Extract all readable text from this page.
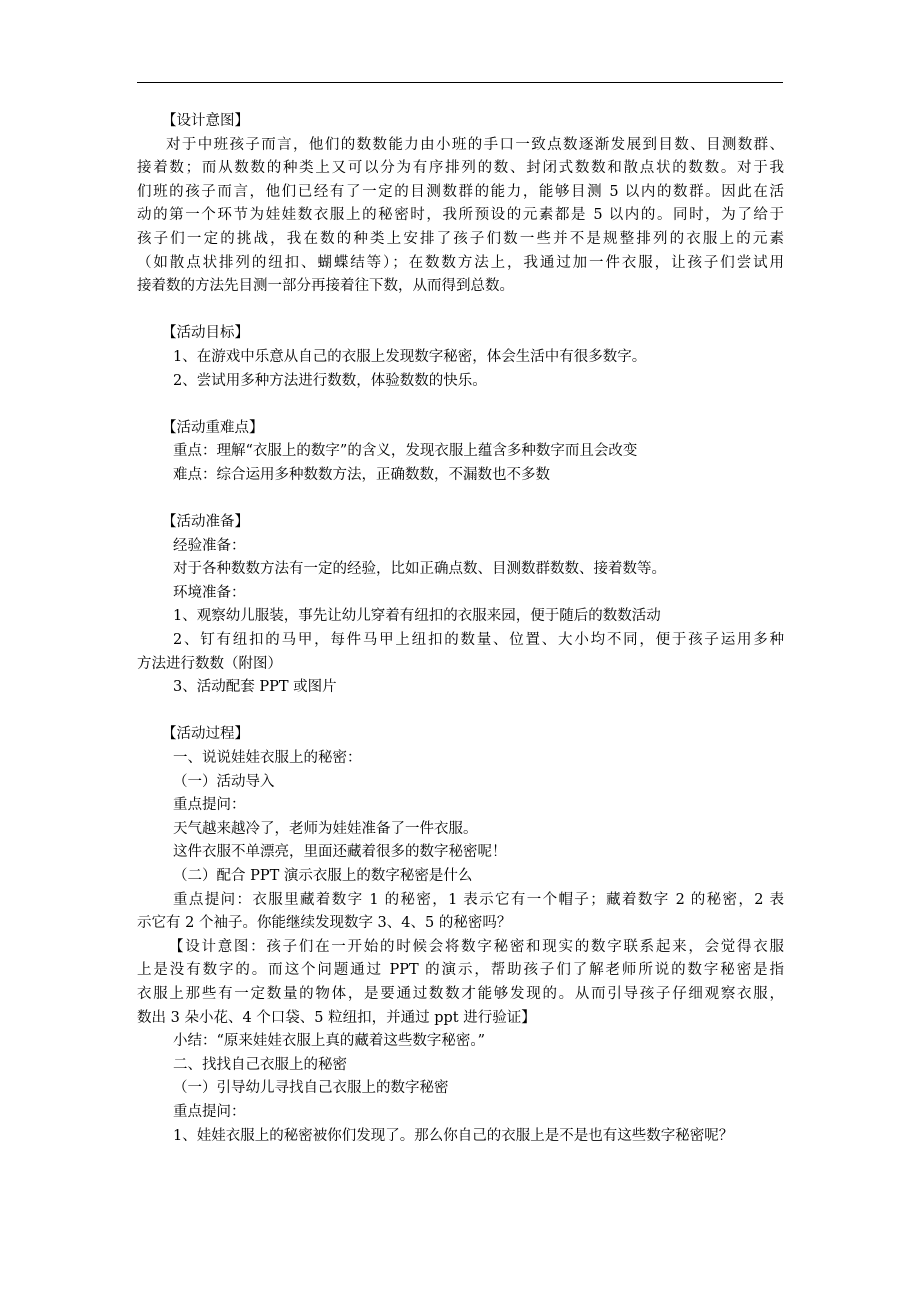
【设计意图】

对于中班孩子而言，他们的数数能力由小班的手口一致点数逐渐发展到目数、目测数群、

接着数；而从数数的种类上又可以分为有序排列的数、封闭式数数和散点状的数数。对于我

们班的孩子而言，他们已经有了一定的目测数群的能力，能够目测 5 以内的数群。因此在活

动的第一个环节为娃娃数衣服上的秘密时，我所预设的元素都是 5 以内的。同时，为了给于

孩子们一定的挑战，我在数的种类上安排了孩子们数一些并不是规整排列的衣服上的元素

（如散点状排列的纽扣、蝴蝶结等）；在数数方法上，我通过加一件衣服，让孩子们尝试用

接着数的方法先目测一部分再接着往下数，从而得到总数。

【活动目标】

1、在游戏中乐意从自己的衣服上发现数字秘密，体会生活中有很多数字。

2、尝试用多种方法进行数数，体验数数的快乐。

【活动重难点】

重点：理解“衣服上的数字”的含义，发现衣服上蕴含多种数字而且会改变

难点：综合运用多种数数方法，正确数数，不漏数也不多数

【活动准备】

经验准备：

对于各种数数方法有一定的经验，比如正确点数、目测数群数数、接着数等。

环境准备：

1、观察幼儿服装，事先让幼儿穿着有纽扣的衣服来园，便于随后的数数活动

2、钉有纽扣的马甲，每件马甲上纽扣的数量、位置、大小均不同，便于孩子运用多种

方法进行数数（附图）

3、活动配套 PPT 或图片

【活动过程】

一、说说娃娃衣服上的秘密：

（一）活动导入

重点提问：

天气越来越冷了，老师为娃娃准备了一件衣服。

这件衣服不单漂亮，里面还藏着很多的数字秘密呢！

（二）配合 PPT 演示衣服上的数字秘密是什么

重点提问：衣服里藏着数字 1 的秘密，1 表示它有一个帽子；藏着数字 2 的秘密，2 表

示它有 2 个袖子。你能继续发现数字 3、4、5 的秘密吗？

【设计意图：孩子们在一开始的时候会将数字秘密和现实的数字联系起来，会觉得衣服

上是没有数字的。而这个问题通过 PPT 的演示，帮助孩子们了解老师所说的数字秘密是指

衣服上那些有一定数量的物体，是要通过数数才能够发现的。从而引导孩子仔细观察衣服，

数出 3 朵小花、4 个口袋、5 粒纽扣，并通过 ppt 进行验证】

小结：“原来娃娃衣服上真的藏着这些数字秘密。”

二、找找自己衣服上的秘密

（一）引导幼儿寻找自己衣服上的数字秘密

重点提问：

1、娃娃衣服上的秘密被你们发现了。那么你自己的衣服上是不是也有这些数字秘密呢？
